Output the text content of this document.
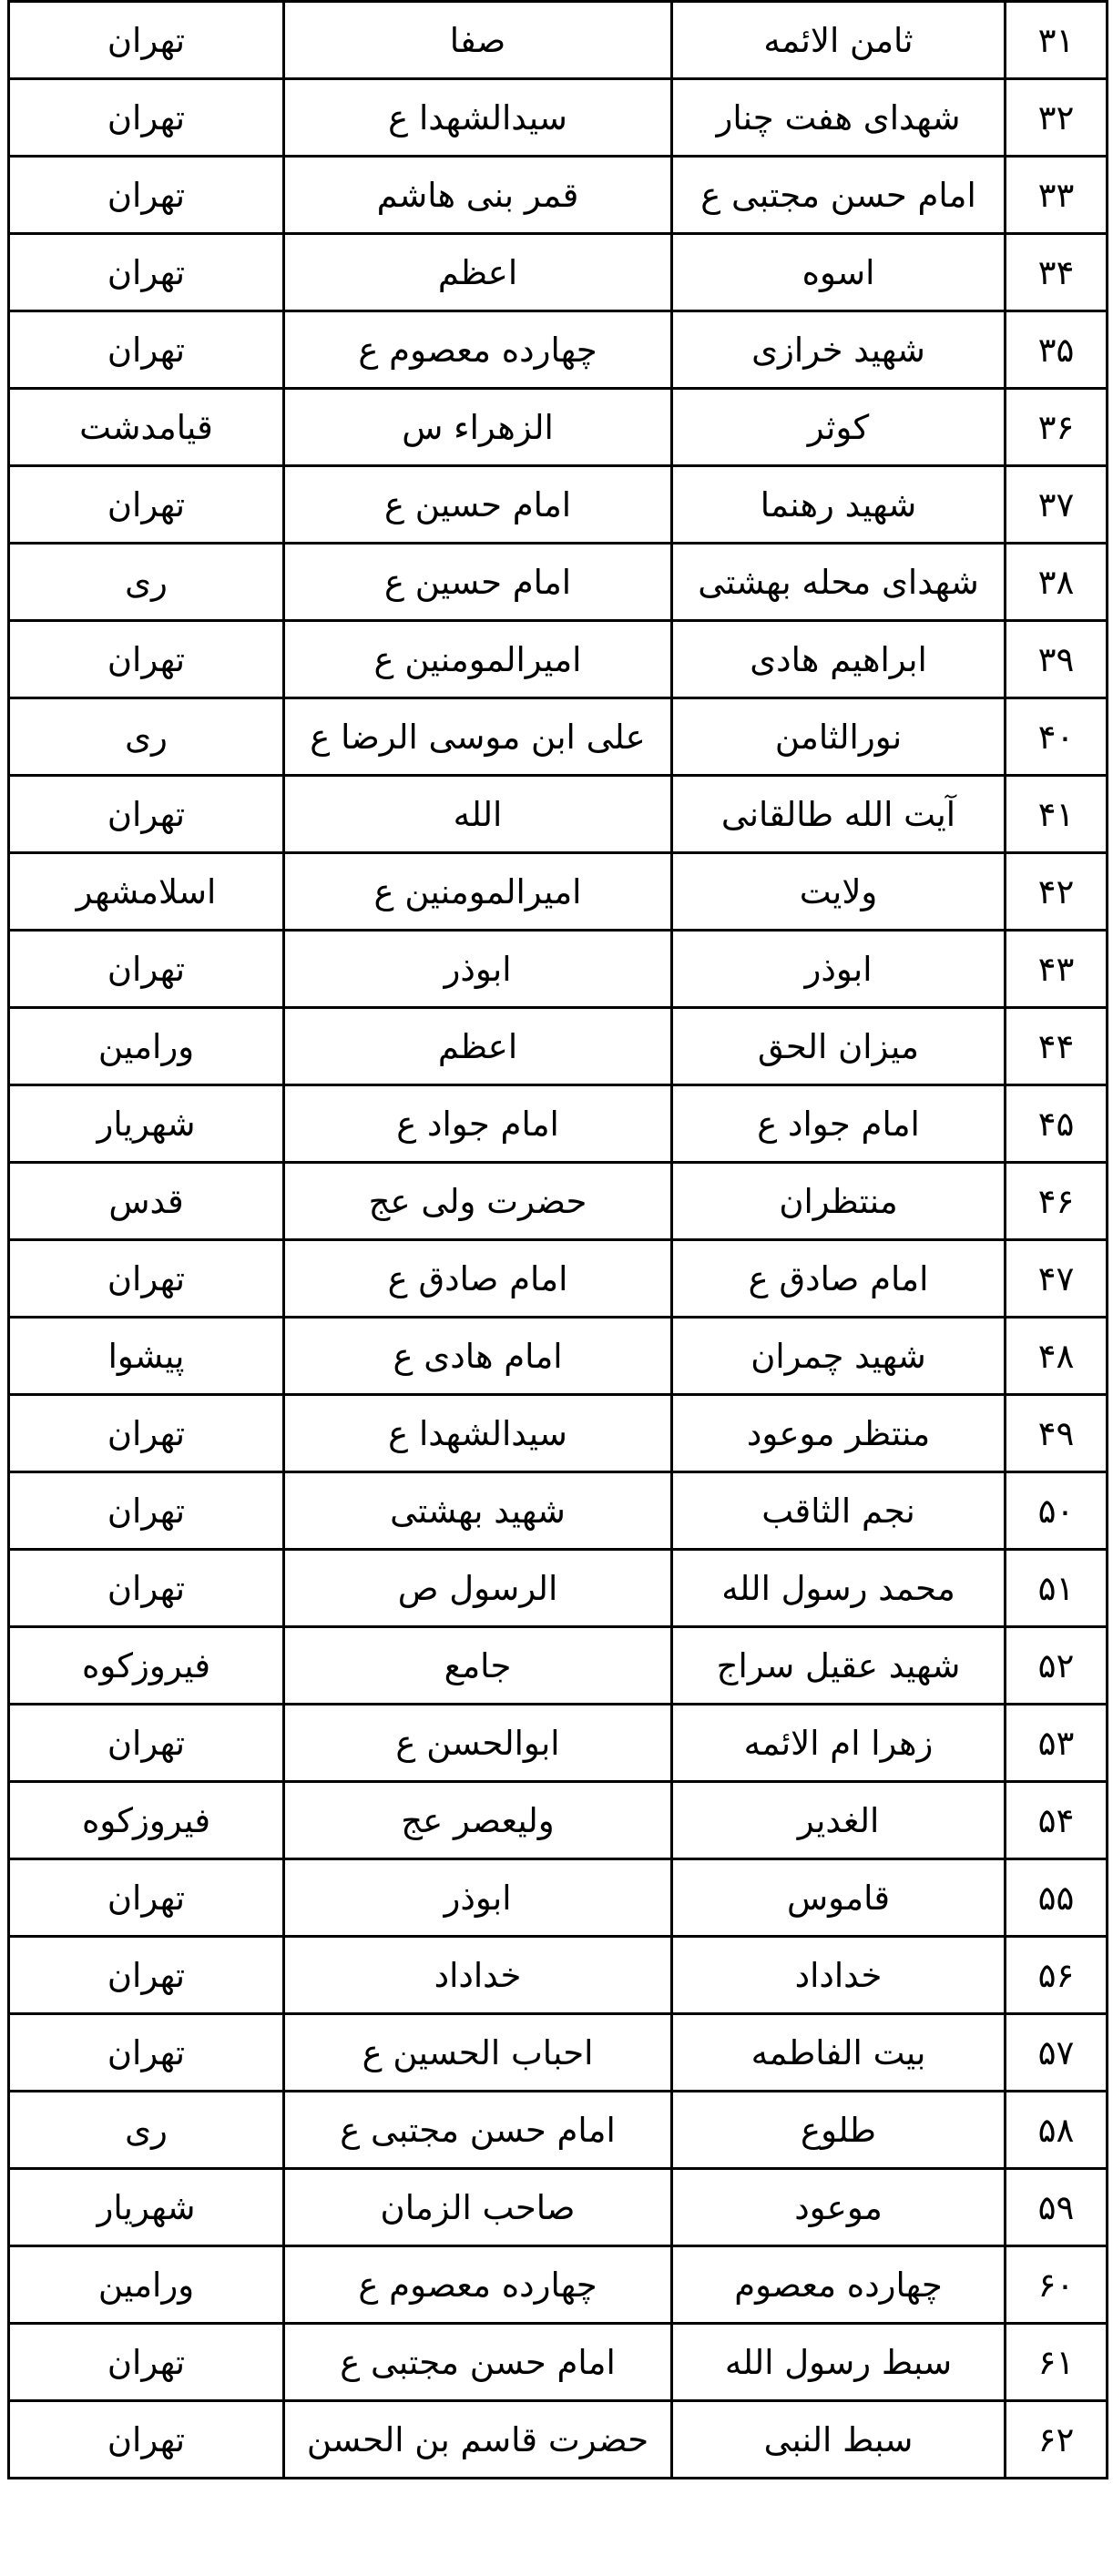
۳۱	ثامن الائمه	صفا	تهران
۳۲	شهدای هفت چنار	سیدالشهدا ع	تهران
۳۳	امام حسن مجتبی ع	قمر بنی هاشم	تهران
۳۴	اسوه	اعظم	تهران
۳۵	شهید خرازی	چهارده معصوم ع	تهران
۳۶	کوثر	الزهراء س	قیامدشت
۳۷	شهید رهنما	امام حسین ع	تهران
۳۸	شهدای محله بهشتی	امام حسین ع	ری
۳۹	ابراهیم هادی	امیرالمومنین ع	تهران
۴۰	نورالثامن	علی ابن موسی الرضا ع	ری
۴۱	آیت الله طالقانی	الله	تهران
۴۲	ولایت	امیرالمومنین ع	اسلامشهر
۴۳	ابوذر	ابوذر	تهران
۴۴	میزان الحق	اعظم	ورامین
۴۵	امام جواد ع	امام جواد ع	شهریار
۴۶	منتظران	حضرت ولی عج	قدس
۴۷	امام صادق ع	امام صادق ع	تهران
۴۸	شهید چمران	امام هادی ع	پیشوا
۴۹	منتظر موعود	سیدالشهدا ع	تهران
۵۰	نجم الثاقب	شهید بهشتی	تهران
۵۱	محمد رسول الله	الرسول ص	تهران
۵۲	شهید عقیل سراج	جامع	فیروزکوه
۵۳	زهرا ام الائمه	ابوالحسن ع	تهران
۵۴	الغدیر	ولیعصر عج	فیروزکوه
۵۵	قاموس	ابوذر	تهران
۵۶	خداداد	خداداد	تهران
۵۷	بیت الفاطمه	احباب الحسین ع	تهران
۵۸	طلوع	امام حسن مجتبی ع	ری
۵۹	موعود	صاحب الزمان	شهریار
۶۰	چهارده معصوم	چهارده معصوم ع	ورامین
۶۱	سبط رسول الله	امام حسن مجتبی ع	تهران
۶۲	سبط النبی	حضرت قاسم بن الحسن	تهران
